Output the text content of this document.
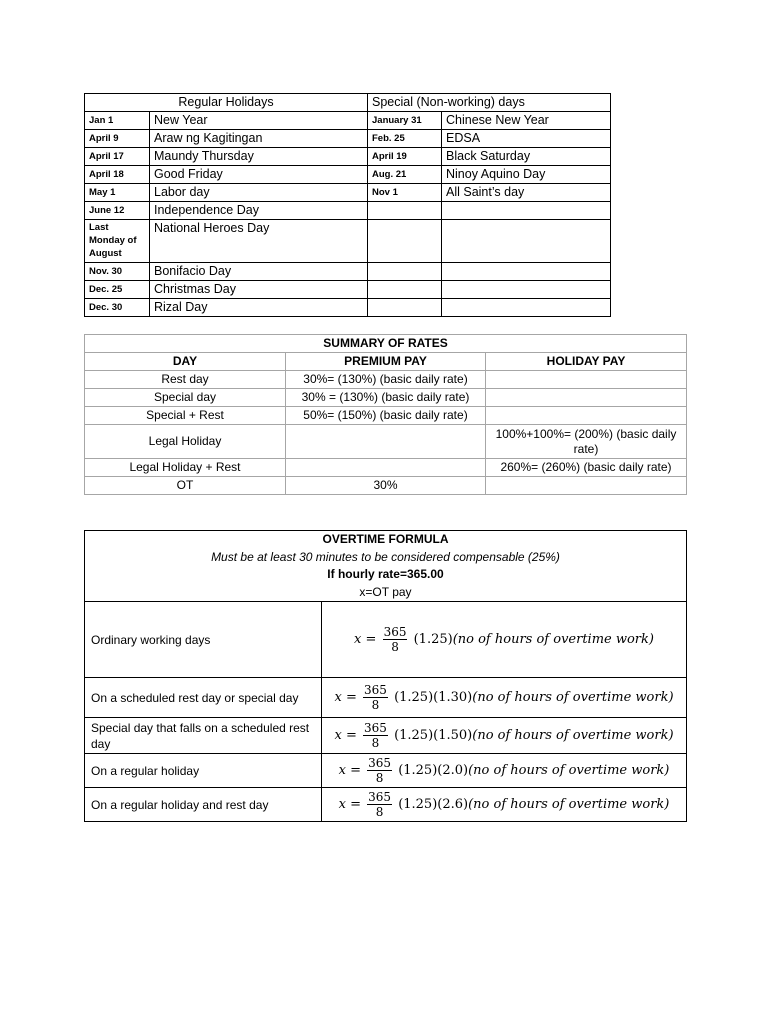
Regular Holidays		Special (Non-working) days	
Jan 1	New Year	January 31	Chinese New Year
April 9	Araw ng Kagitingan	Feb. 25	EDSA
April 17	Maundy Thursday	April 19	Black Saturday
April 18	Good Friday	Aug. 21	Ninoy Aquino Day
May 1	Labor day	Nov 1	All Saint’s day
June 12	Independence Day		
Last Monday of August	National Heroes Day		
Nov. 30	Bonifacio Day		
Dec. 25	Christmas Day		
Dec. 30	Rizal Day		
SUMMARY OF RATES		
DAY	PREMIUM PAY	HOLIDAY PAY
Rest day	30%= (130%) (basic daily rate)	
Special day	30% = (130%) (basic daily rate)	
Special + Rest	50%= (150%) (basic daily rate)	
Legal Holiday		100%+100%= (200%) (basic daily rate)
Legal Holiday + Rest		260%= (260%) (basic daily rate)
OT	30%	
OVERTIME FORMULA
Must be at least 30 minutes to be considered compensable (25%)
If hourly rate=365.00
x=OT pay	

Ordinary working days	$x = \frac{365}{8} (1.25)(no$ of hours of overtime work)
On a scheduled rest day or special day	$x = \frac{365}{8} (1.25)(1.30)(no$ of hours of overtime work)
Special day that falls on a scheduled rest day	$x = \frac{365}{8} (1.25)(1.50)(no$ of hours of overtime work)
On a regular holiday	$x = \frac{365}{8} (1.25)(2.0)(no$ of hours of overtime work)
On a regular holiday and rest day	$x = \frac{365}{8} (1.25)(2.6)(no$ of hours of overtime work)
